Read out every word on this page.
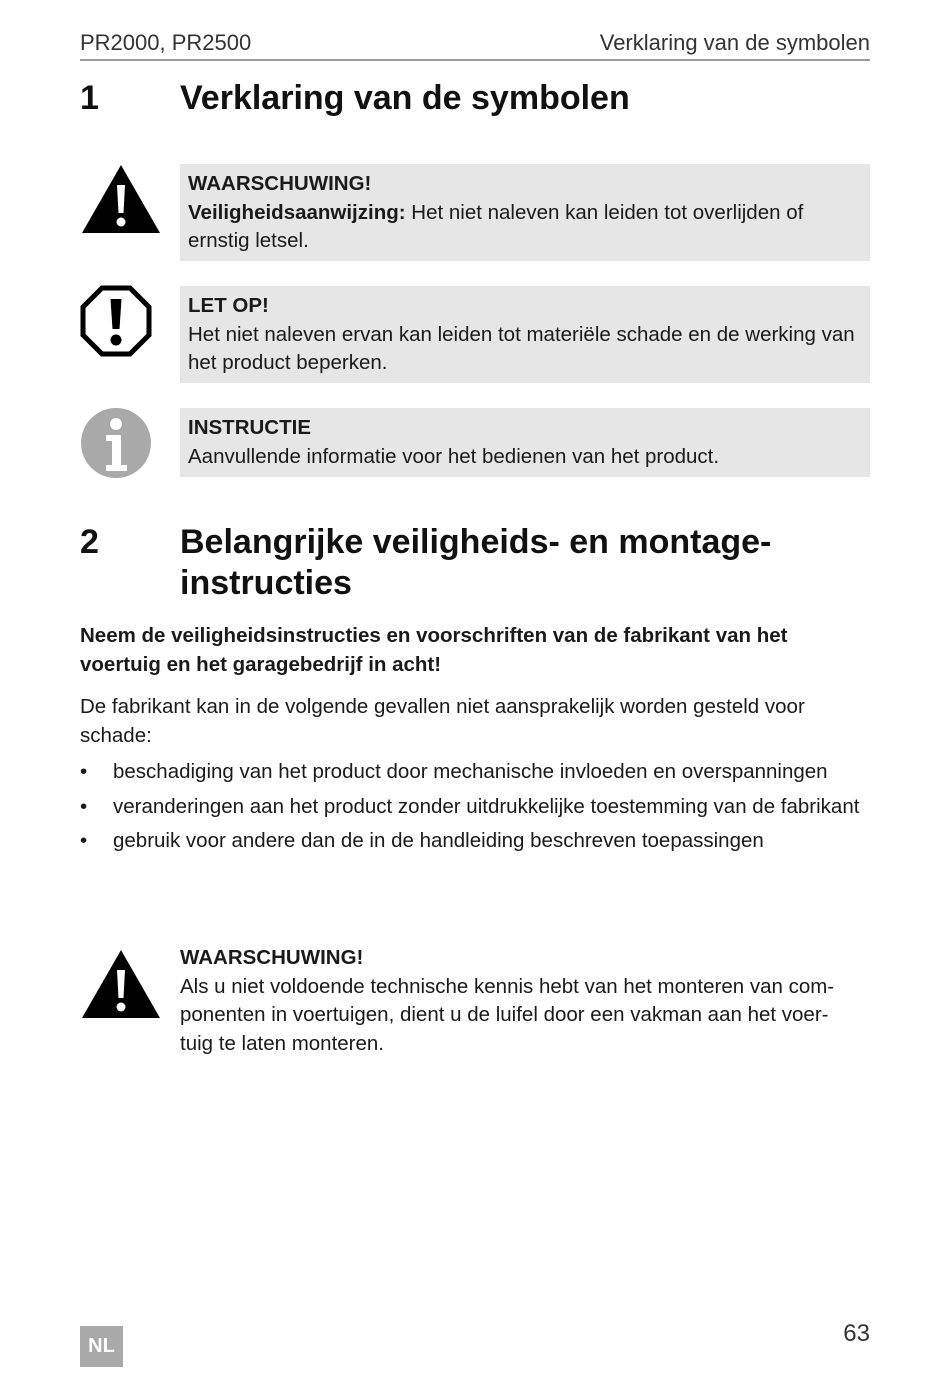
PR2000, PR2500	Verklaring van de symbolen
1 Verklaring van de symbolen
WAARSCHUWING!
Veiligheidsaanwijzing: Het niet naleven kan leiden tot overlijden of ernstig letsel.
LET OP!
Het niet naleven ervan kan leiden tot materiële schade en de werking van het product beperken.
INSTRUCTIE
Aanvullende informatie voor het bedienen van het product.
2 Belangrijke veiligheids- en montage-
instructies
Neem de veiligheidsinstructies en voorschriften van de fabrikant van het voertuig en het garagebedrijf in acht!
De fabrikant kan in de volgende gevallen niet aansprakelijk worden gesteld voor schade:
• beschadiging van het product door mechanische invloeden en overspanningen
• veranderingen aan het product zonder uitdrukkelijke toestemming van de fabrikant
• gebruik voor andere dan de in de handleiding beschreven toepassingen
WAARSCHUWING!
Als u niet voldoende technische kennis hebt van het monteren van com-
ponenten in voertuigen, dient u de luifel door een vakman aan het voer-
tuig te laten monteren.
NL	63
